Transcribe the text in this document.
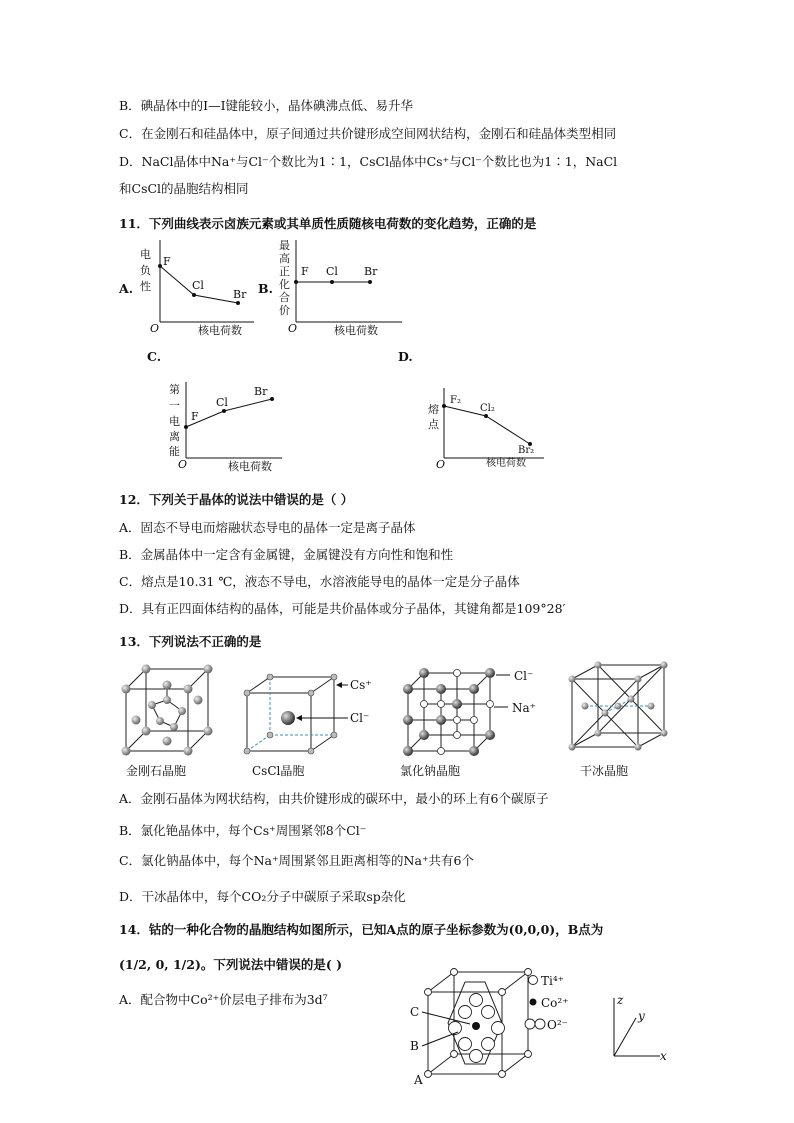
B．碘晶体中的I—I键能较小，晶体碘沸点低、易升华
C．在金刚石和硅晶体中，原子间通过共价键形成空间网状结构，金刚石和硅晶体类型相同
D．NaCl晶体中Na⁺与Cl⁻个数比为1∶1，CsCl晶体中Cs⁺与Cl⁻个数比也为1∶1，NaCl
和CsCl的晶胞结构相同
11．下列曲线表示卤族元素或其单质性质随核电荷数的变化趋势，正确的是
A.
电
负
性
O	核电荷数
F
Cl
Br B.
最
高
正
化
合
价
O	核电荷数
F Cl Br
C.	D.
第
一
电
离
能
O	核电荷数
F
Cl
Br
熔
点
O	核电荷数
F₂
Cl₂
Br₂
12．下列关于晶体的说法中错误的是（ ）
A．固态不导电而熔融状态导电的晶体一定是离子晶体
B．金属晶体中一定含有金属键，金属键没有方向性和饱和性
C．熔点是10.31 ℃，液态不导电，水溶液能导电的晶体一定是分子晶体
D．具有正四面体结构的晶体，可能是共价晶体或分子晶体，其键角都是109°28′
13．下列说法不正确的是
Cs⁺
Cl⁻
Cl⁻
Na⁺
金刚石晶胞	CsCl晶胞	氯化钠晶胞	干冰晶胞
A．金刚石晶体为网状结构，由共价键形成的碳环中，最小的环上有6个碳原子
B．氯化铯晶体中，每个Cs⁺周围紧邻8个Cl⁻
C．氯化钠晶体中，每个Na⁺周围紧邻且距离相等的Na⁺共有6个
D．干冰晶体中，每个CO₂分子中碳原子采取sp杂化
14．钴的一种化合物的晶胞结构如图所示，已知A点的原子坐标参数为(0,0,0)，B点为
(1/2, 0, 1/2)。下列说法中错误的是( )
A．配合物中Co²⁺价层电子排布为3d⁷
C
B
A
Ti⁴⁺
Co²⁺
O²⁻
z
y
x
